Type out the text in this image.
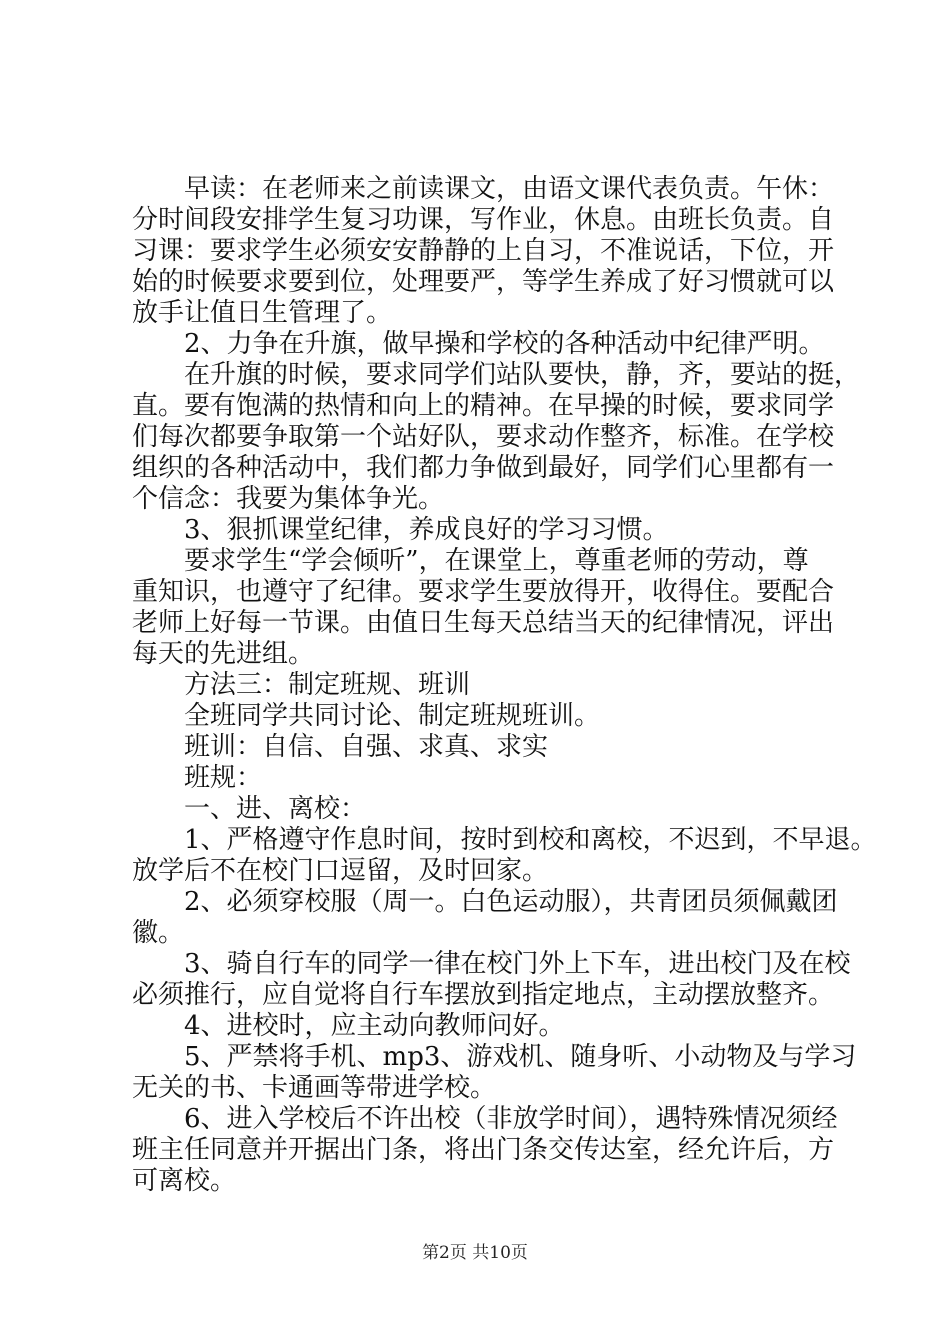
早读：在老师来之前读课文，由语文课代表负责。午休：
分时间段安排学生复习功课，写作业，休息。由班长负责。自
习课：要求学生必须安安静静的上自习，不准说话，下位，开
始的时候要求要到位，处理要严，等学生养成了好习惯就可以
放手让值日生管理了。
2、力争在升旗，做早操和学校的各种活动中纪律严明。
在升旗的时候，要求同学们站队要快，静，齐，要站的挺，
直。要有饱满的热情和向上的精神。在早操的时候，要求同学
们每次都要争取第一个站好队，要求动作整齐，标准。在学校
组织的各种活动中，我们都力争做到最好，同学们心里都有一
个信念：我要为集体争光。
3、狠抓课堂纪律，养成良好的学习习惯。
要求学生“学会倾听”，在课堂上，尊重老师的劳动，尊
重知识，也遵守了纪律。要求学生要放得开，收得住。要配合
老师上好每一节课。由值日生每天总结当天的纪律情况，评出
每天的先进组。
方法三：制定班规、班训
全班同学共同讨论、制定班规班训。
班训：自信、自强、求真、求实
班规：
一、进、离校：
1、严格遵守作息时间，按时到校和离校，不迟到，不早退。
放学后不在校门口逗留，及时回家。
2、必须穿校服（周一。白色运动服），共青团员须佩戴团
徽。
3、骑自行车的同学一律在校门外上下车，进出校门及在校
必须推行，应自觉将自行车摆放到指定地点，主动摆放整齐。
4、进校时，应主动向教师问好。
5、严禁将手机、mp3、游戏机、随身听、小动物及与学习
无关的书、卡通画等带进学校。
6、进入学校后不许出校（非放学时间），遇特殊情况须经
班主任同意并开据出门条，将出门条交传达室，经允许后，方
可离校。
第2页 共10页
